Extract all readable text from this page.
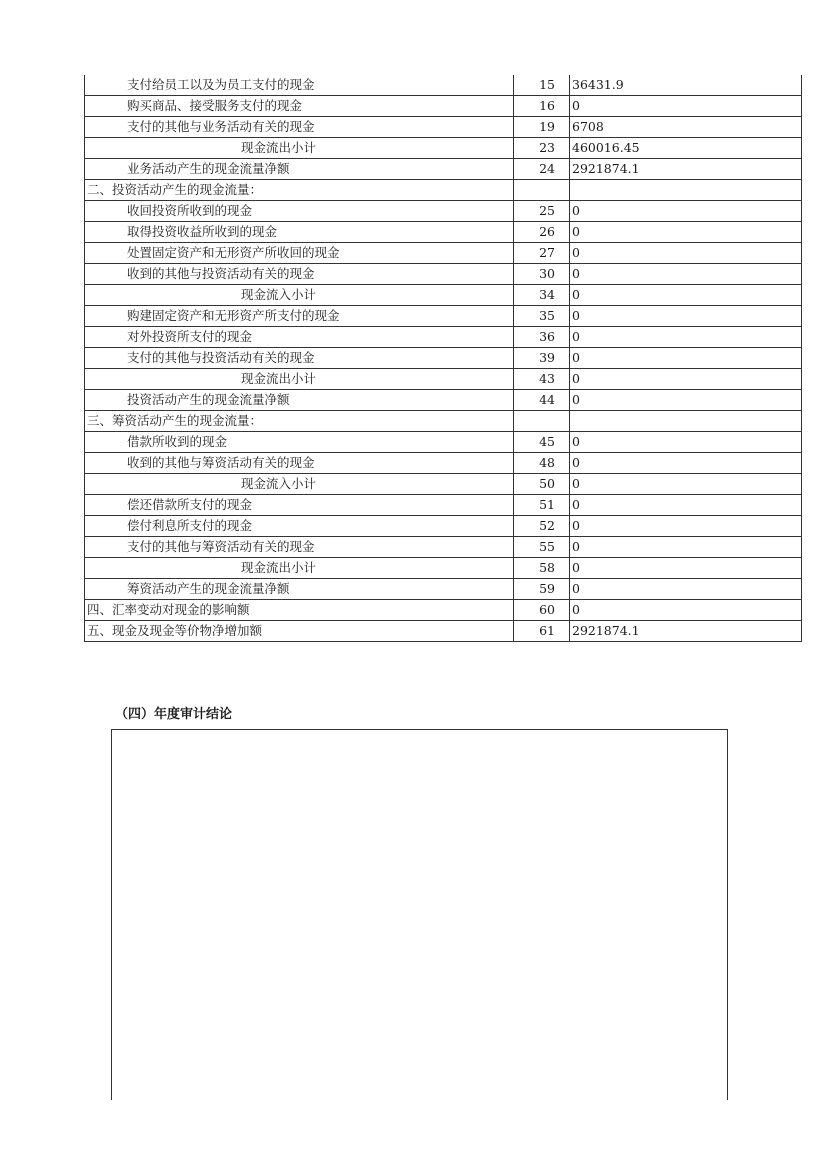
支付给员工以及为员工支付的现金	15	36431.9
购买商品、接受服务支付的现金	16	0
支付的其他与业务活动有关的现金	19	6708
现金流出小计	23	460016.45
业务活动产生的现金流量净额	24	2921874.1
二、投资活动产生的现金流量：		
收回投资所收到的现金	25	0
取得投资收益所收到的现金	26	0
处置固定资产和无形资产所收回的现金	27	0
收到的其他与投资活动有关的现金	30	0
现金流入小计	34	0
购建固定资产和无形资产所支付的现金	35	0
对外投资所支付的现金	36	0
支付的其他与投资活动有关的现金	39	0
现金流出小计	43	0
投资活动产生的现金流量净额	44	0
三、筹资活动产生的现金流量：		
借款所收到的现金	45	0
收到的其他与筹资活动有关的现金	48	0
现金流入小计	50	0
偿还借款所支付的现金	51	0
偿付利息所支付的现金	52	0
支付的其他与筹资活动有关的现金	55	0
现金流出小计	58	0
筹资活动产生的现金流量净额	59	0
四、汇率变动对现金的影响额	60	0
五、现金及现金等价物净增加额	61	2921874.1
（四）年度审计结论
